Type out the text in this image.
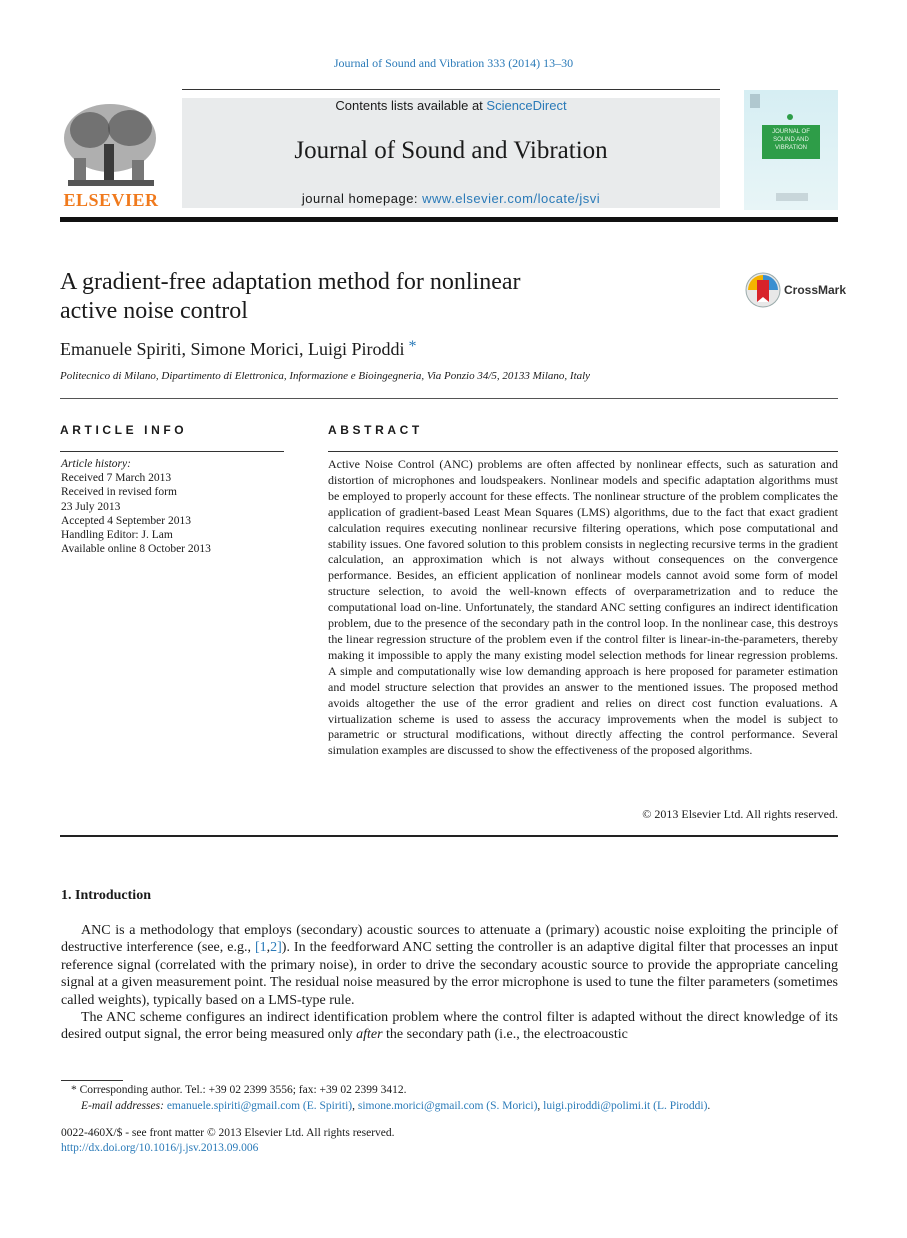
Journal of Sound and Vibration 333 (2014) 13–30
ELSEVIER
Contents lists available at ScienceDirect
Journal of Sound and Vibration
journal homepage: www.elsevier.com/locate/jsvi
JOURNAL OF SOUND AND VIBRATION
A gradient-free adaptation method for nonlinear
active noise control
CrossMark
Emanuele Spiriti, Simone Morici, Luigi Piroddi *
Politecnico di Milano, Dipartimento di Elettronica, Informazione e Bioingegneria, Via Ponzio 34/5, 20133 Milano, Italy
ARTICLE INFO
Article history:
Received 7 March 2013
Received in revised form
23 July 2013
Accepted 4 September 2013
Handling Editor: J. Lam
Available online 8 October 2013
ABSTRACT
Active Noise Control (ANC) problems are often affected by nonlinear effects, such as saturation and distortion of microphones and loudspeakers. Nonlinear models and specific adaptation algorithms must be employed to properly account for these effects. The nonlinear structure of the problem complicates the application of gradient-based Least Mean Squares (LMS) algorithms, due to the fact that exact gradient calculation requires executing nonlinear recursive filtering operations, which pose computational and stability issues. One favored solution to this problem consists in neglecting recursive terms in the gradient calculation, an approximation which is not always without consequences on the convergence performance. Besides, an efficient application of nonlinear models cannot avoid some form of model structure selection, to avoid the well-known effects of overparametrization and to reduce the computational load on-line. Unfortunately, the standard ANC setting configures an indirect identification problem, due to the presence of the secondary path in the control loop. In the nonlinear case, this destroys the linear regression structure of the problem even if the control filter is linear-in-the-parameters, thereby making it impossible to apply the many existing model selection methods for linear regression problems. A simple and computationally wise low demanding approach is here proposed for parameter estimation and model structure selection that provides an answer to the mentioned issues. The proposed method avoids altogether the use of the error gradient and relies on direct cost function evaluations. A virtualization scheme is used to assess the accuracy improvements when the model is subject to parametric or structural modifications, without directly affecting the control performance. Several simulation examples are discussed to show the effectiveness of the proposed algorithms.
© 2013 Elsevier Ltd. All rights reserved.
1. Introduction

ANC is a methodology that employs (secondary) acoustic sources to attenuate a (primary) acoustic noise exploiting the principle of destructive interference (see, e.g., [1,2]). In the feedforward ANC setting the controller is an adaptive digital filter that processes an input reference signal (correlated with the primary noise), in order to drive the secondary acoustic source to provide the appropriate canceling signal at a given measurement point. The residual noise measured by the error microphone is used to tune the filter parameters (sometimes called weights), typically based on a LMS-type rule.

The ANC scheme configures an indirect identification problem where the control filter is adapted without the direct knowledge of its desired output signal, the error being measured only after the secondary path (i.e., the electroacoustic

* Corresponding author. Tel.: +39 02 2399 3556; fax: +39 02 2399 3412.
E-mail addresses: emanuele.spiriti@gmail.com (E. Spiriti), simone.morici@gmail.com (S. Morici), luigi.piroddi@polimi.it (L. Piroddi).
0022-460X/$ - see front matter © 2013 Elsevier Ltd. All rights reserved.
http://dx.doi.org/10.1016/j.jsv.2013.09.006
